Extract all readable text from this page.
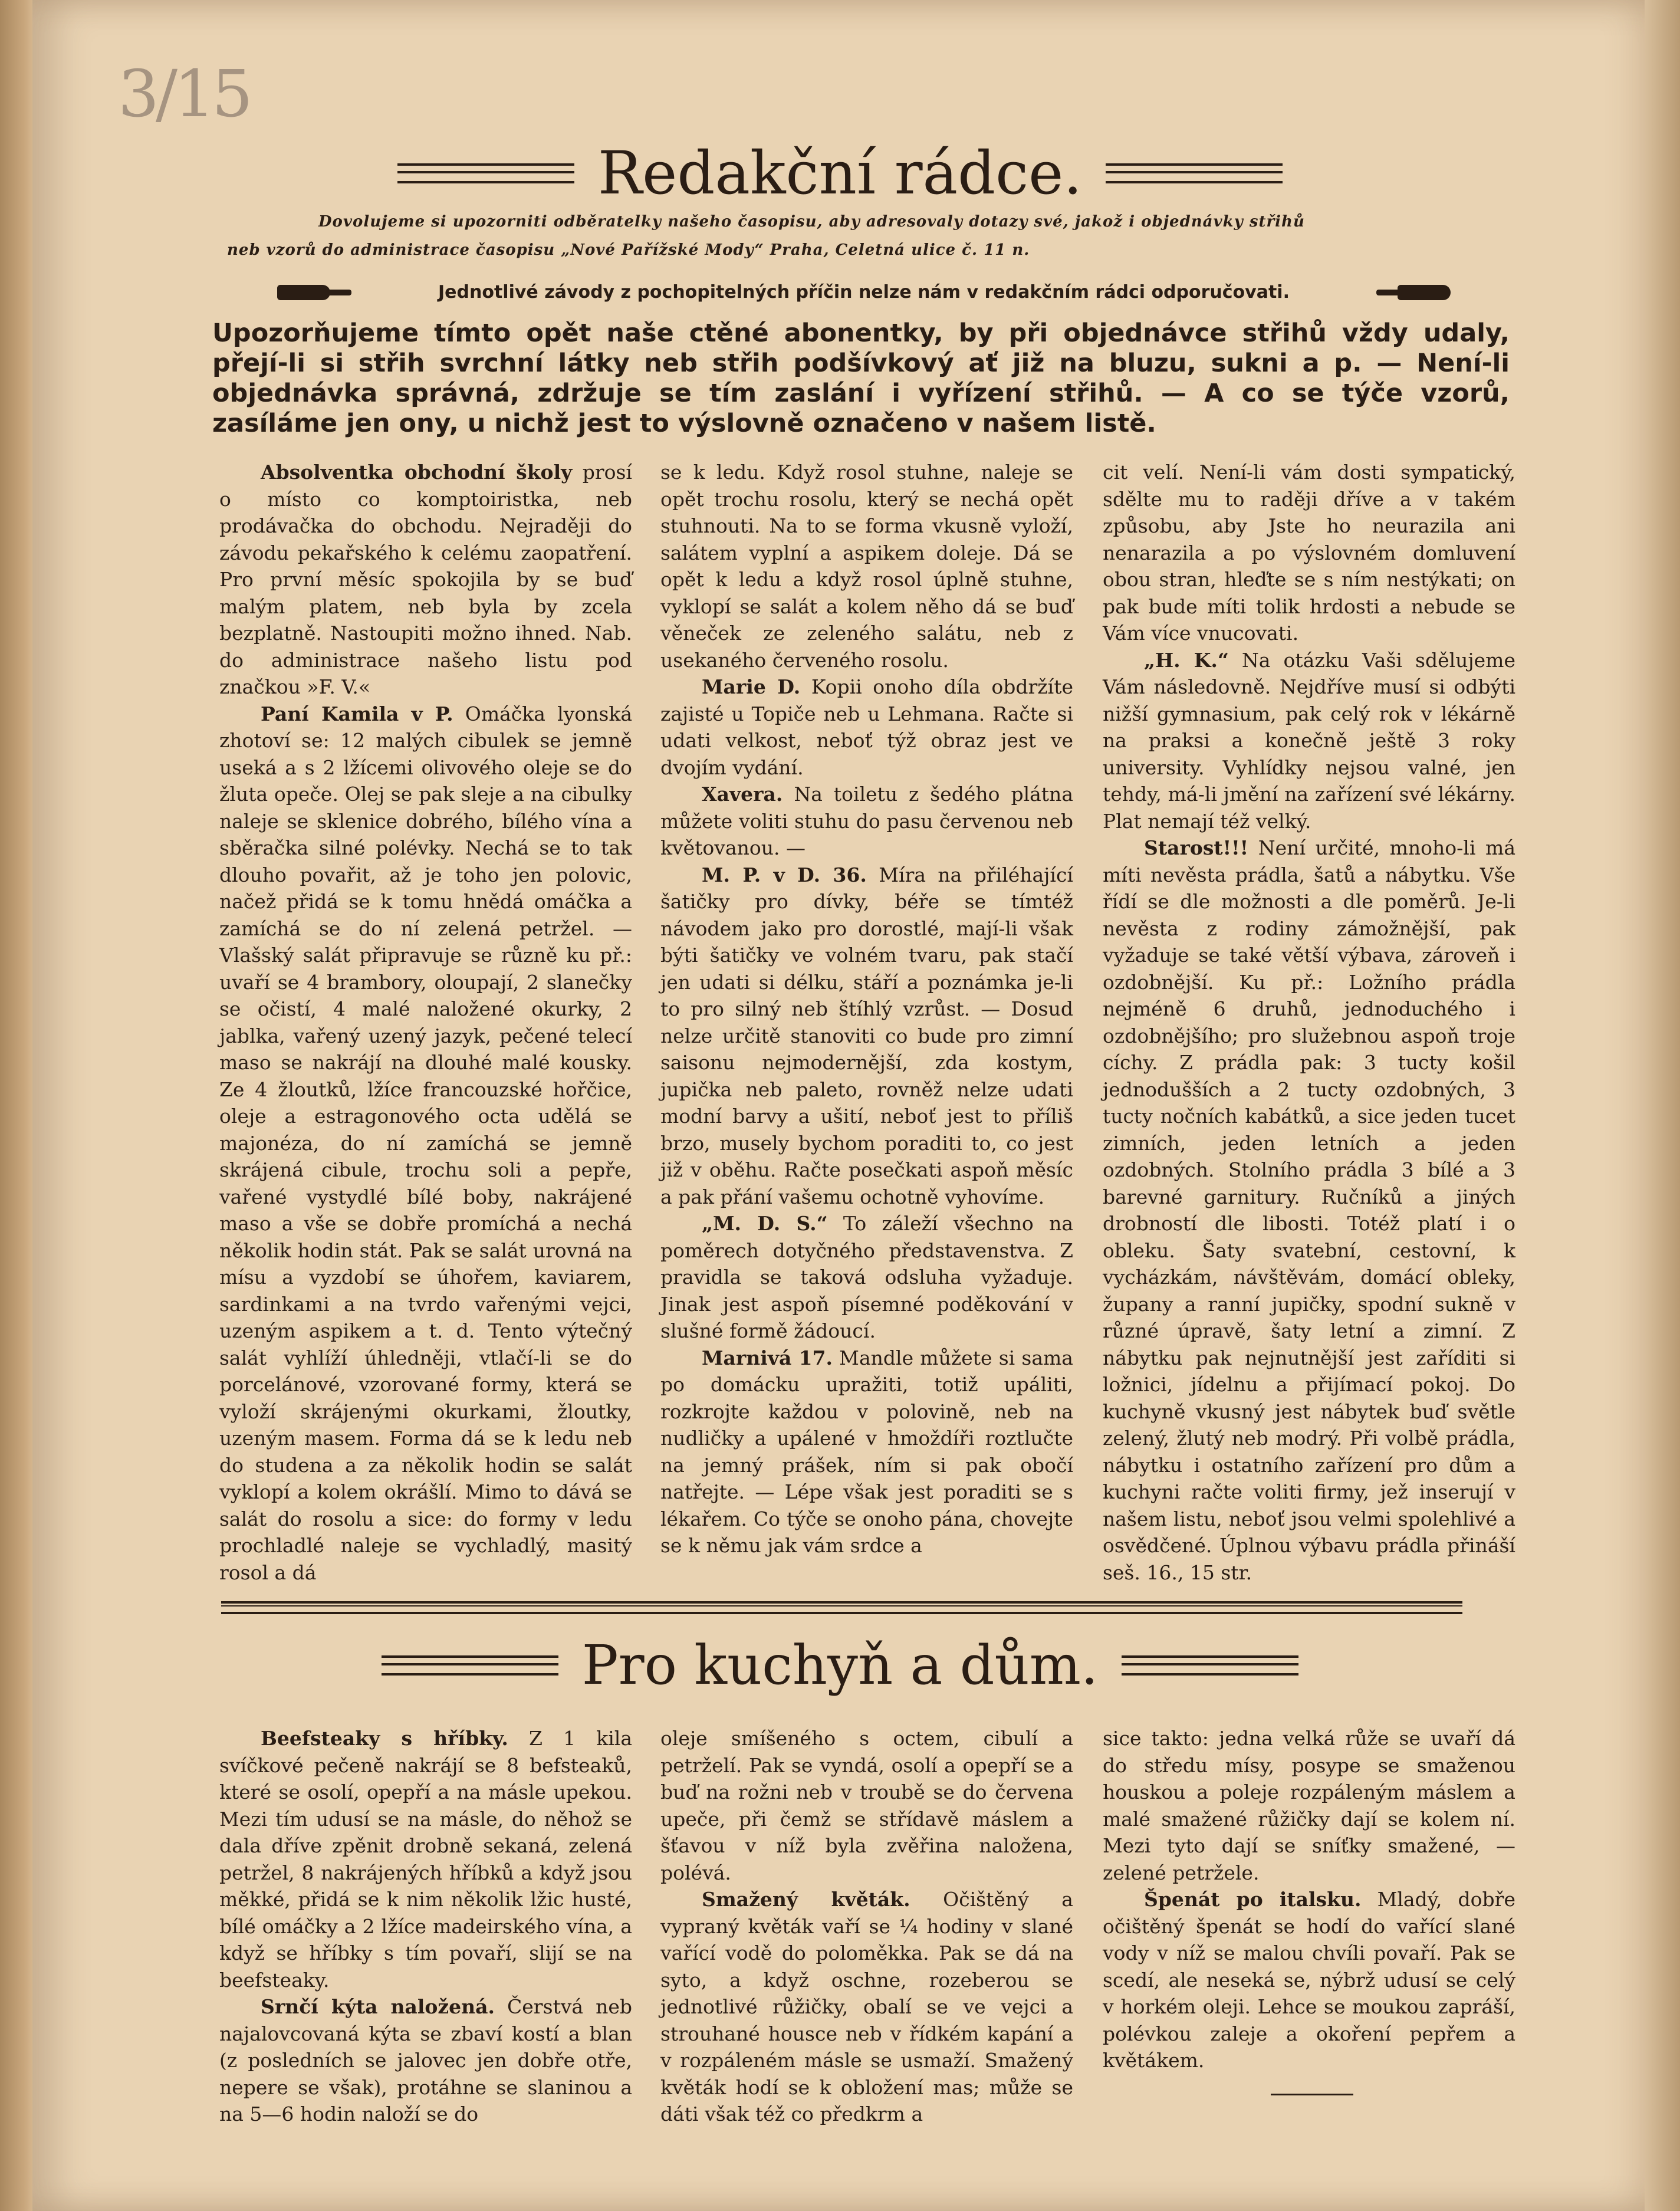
3/15
Redakční rádce.
Dovolujeme si upozorniti odběratelky našeho časopisu, aby adresovaly dotazy své, jakož i objednávky střihů
neb vzorů do administrace časopisu „Nové Pařížské Mody“ Praha, Celetná ulice č. 11 n.
Jednotlivé závody z pochopitelných příčin nelze nám v redakčním rádci odporučovati.
Upozorňujeme tímto opět naše ctěné abonentky, by při objednávce střihů vždy udaly, přejí-li si střih svrchní látky neb střih podšívkový ať již na bluzu, sukni a p. — Není-li objednávka správná, zdržuje se tím zaslání i vyřízení střihů. — A co se týče vzorů, zasíláme jen ony, u nichž jest to výslovně označeno v našem listě.

Absolventka obchodní školy prosí o místo co komptoiristka, neb prodávačka do obchodu. Nejraději do závodu pekařského k celému zaopatření. Pro první měsíc spokojila by se buď malým platem, neb byla by zcela bezplatně. Nastoupiti možno ihned. Nab. do administrace našeho listu pod značkou »F. V.«

Paní Kamila v P. Omáčka lyonská zhotoví se: 12 malých cibulek se jemně useká a s 2 lžícemi olivového oleje se do žluta opeče. Olej se pak sleje a na cibulky naleje se sklenice dobrého, bílého vína a sběračka silné polévky. Nechá se to tak dlouho povařit, až je toho jen polovic, načež přidá se k tomu hnědá omáčka a zamíchá se do ní zelená petržel. — Vlašský salát připravuje se různě ku př.: uvaří se 4 brambory, oloupají, 2 slanečky se očistí, 4 malé naložené okurky, 2 jablka, vařený uzený jazyk, pečené telecí maso se nakrájí na dlouhé malé kousky. Ze 4 žloutků, lžíce francouzské hořčice, oleje a estragonového octa udělá se majonéza, do ní zamíchá se jemně skrájená cibule, trochu soli a pepře, vařené vystydlé bílé boby, nakrájené maso a vše se dobře promíchá a nechá několik hodin stát. Pak se salát urovná na mísu a vyzdobí se úhořem, kaviarem, sardinkami a na tvrdo vařenými vejci, uzeným aspikem a t. d. Tento výtečný salát vyhlíží úhledněji, vtlačí-li se do porcelánové, vzorované formy, která se vyloží skrájenými okurkami, žloutky, uzeným masem. Forma dá se k ledu neb do studena a za několik hodin se salát vyklopí a kolem okrášlí. Mimo to dává se salát do rosolu a sice: do formy v ledu prochladlé naleje se vychladlý, masitý rosol a dá

se k ledu. Když rosol stuhne, naleje se opět trochu rosolu, který se nechá opět stuhnouti. Na to se forma vkusně vyloží, salátem vyplní a aspikem doleje. Dá se opět k ledu a když rosol úplně stuhne, vyklopí se salát a kolem něho dá se buď věneček ze zeleného salátu, neb z usekaného červeného rosolu.

Marie D. Kopii onoho díla obdržíte zajisté u Topiče neb u Lehmana. Račte si udati velkost, neboť týž obraz jest ve dvojím vydání.

Xavera. Na toiletu z šedého plátna můžete voliti stuhu do pasu červenou neb květovanou. —

M. P. v D. 36. Míra na přiléhající šatičky pro dívky, béře se tímtéž návodem jako pro dorostlé, mají-li však býti šatičky ve volném tvaru, pak stačí jen udati si délku, stáří a poznámka je-li to pro silný neb štíhlý vzrůst. — Dosud nelze určitě stanoviti co bude pro zimní saisonu nejmodernější, zda kostym, jupička neb paleto, rovněž nelze udati modní barvy a ušití, neboť jest to příliš brzo, musely bychom poraditi to, co jest již v oběhu. Račte posečkati aspoň měsíc a pak přání vašemu ochotně vyhovíme.

„M. D. S.“ To záleží všechno na poměrech dotyčného představenstva. Z pravidla se taková odsluha vyžaduje. Jinak jest aspoň písemné poděkování v slušné formě žádoucí.

Marnivá 17. Mandle můžete si sama po domácku upražiti, totiž upáliti, rozkrojte každou v polovině, neb na nudličky a upálené v hmoždíři roztlučte na jemný prášek, ním si pak obočí natřejte. — Lépe však jest poraditi se s lékařem. Co týče se onoho pána, chovejte se k němu jak vám srdce a

cit velí. Není-li vám dosti sympatický, sdělte mu to raději dříve a v takém způsobu, aby Jste ho neurazila ani nenarazila a po výslovném domluvení obou stran, hleďte se s ním nestýkati; on pak bude míti tolik hrdosti a nebude se Vám více vnucovati.

„H. K.“ Na otázku Vaši sdělujeme Vám následovně. Nejdříve musí si odbýti nižší gymnasium, pak celý rok v lékárně na praksi a konečně ještě 3 roky university. Vyhlídky nejsou valné, jen tehdy, má-li jmění na zařízení své lékárny. Plat nemají též velký.

Starost!!! Není určité, mnoho-li má míti nevěsta prádla, šatů a nábytku. Vše řídí se dle možnosti a dle poměrů. Je-li nevěsta z rodiny zámožnější, pak vyžaduje se také větší výbava, zároveň i ozdobnější. Ku př.: Ložního prádla nejméně 6 druhů, jednoduchého i ozdobnějšího; pro služebnou aspoň troje cíchy. Z prádla pak: 3 tucty košil jednodušších a 2 tucty ozdobných, 3 tucty nočních kabátků, a sice jeden tucet zimních, jeden letních a jeden ozdobných. Stolního prádla 3 bílé a 3 barevné garnitury. Ručníků a jiných drobností dle libosti. Totéž platí i o obleku. Šaty svatební, cestovní, k vycházkám, návštěvám, domácí obleky, župany a ranní jupičky, spodní sukně v různé úpravě, šaty letní a zimní. Z nábytku pak nejnutnější jest zaříditi si ložnici, jídelnu a přijímací pokoj. Do kuchyně vkusný jest nábytek buď světle zelený, žlutý neb modrý. Při volbě prádla, nábytku i ostatního zařízení pro dům a kuchyni račte voliti firmy, jež inserují v našem listu, neboť jsou velmi spolehlivé a osvědčené. Úplnou výbavu prádla přináší seš. 16., 15 str.

Pro kuchyň a dům.

Beefsteaky s hříbky. Z 1 kila svíčkové pečeně nakrájí se 8 befsteaků, které se osolí, opepří a na másle upekou. Mezi tím udusí se na másle, do něhož se dala dříve zpěnit drobně sekaná, zelená petržel, 8 nakrájených hříbků a když jsou měkké, přidá se k nim několik lžic husté, bílé omáčky a 2 lžíce madeirského vína, a když se hříbky s tím povaří, slijí se na beefsteaky.

Srnčí kýta naložená. Čerstvá neb najalovcovaná kýta se zbaví kostí a blan (z posledních se jalovec jen dobře otře, nepere se však), protáhne se slaninou a na 5—6 hodin naloží se do

oleje smíšeného s octem, cibulí a petrželí. Pak se vyndá, osolí a opepří se a buď na rožni neb v troubě se do červena upeče, při čemž se střídavě máslem a šťavou v níž byla zvěřina naložena, polévá.

Smažený květák. Očištěný a vypraný květák vaří se ¼ hodiny v slané vařící vodě do poloměkka. Pak se dá na syto, a když oschne, rozeberou se jednotlivé růžičky, obalí se ve vejci a strouhané housce neb v řídkém kapání a v rozpáleném másle se usmaží. Smažený květák hodí se k obložení mas; může se dáti však též co předkrm a

sice takto: jedna velká růže se uvaří dá do středu mísy, posype se smaženou houskou a poleje rozpáleným máslem a malé smažené růžičky dají se kolem ní. Mezi tyto dají se sníťky smažené, — zelené petrželе.

Špenát po italsku. Mladý, dobře očištěný špenát se hodí do vařící slané vody v níž se malou chvíli povaří. Pak se scedí, ale neseká se, nýbrž udusí se celý v horkém oleji. Lehce se moukou zapráší, polévkou zaleje a okoření pepřem a květákem.
